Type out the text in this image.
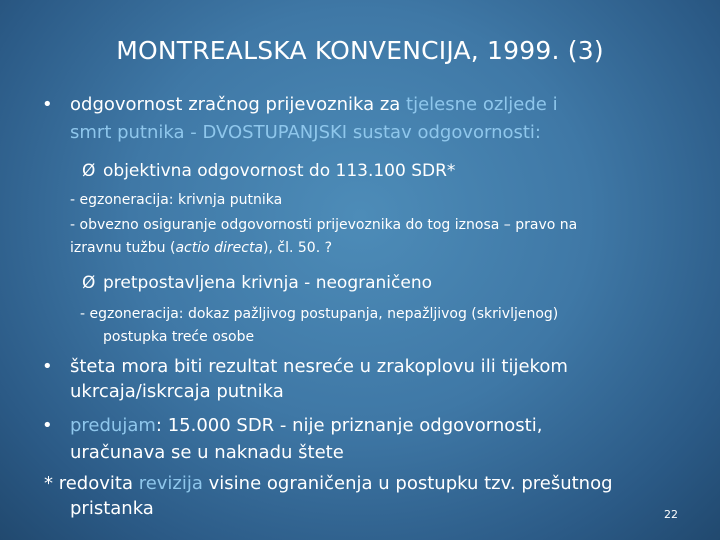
MONTREALSKA KONVENCIJA, 1999. (3)
• odgovornost zračnog prijevoznika za tjelesne ozljede i
smrt putnika - DVOSTUPANJSKI sustav odgovornosti:
Ø objektivna odgovornost do 113.100 SDR*
- egzoneracija: krivnja putnika
- obvezno osiguranje odgovornosti prijevoznika do tog iznosa – pravo na
izravnu tužbu (actio directa), čl. 50. ?
Ø pretpostavljena krivnja - neograničeno
- egzoneracija: dokaz pažljivog postupanja, nepažljivog (skrivljenog)
postupka treće osobe
• šteta mora biti rezultat nesreće u zrakoplovu ili tijekom
ukrcaja/iskrcaja putnika
• predujam: 15.000 SDR - nije priznanje odgovornosti,
uračunava se u naknadu štete
* redovita revizija visine ograničenja u postupku tzv. prešutnog
pristanka	22
